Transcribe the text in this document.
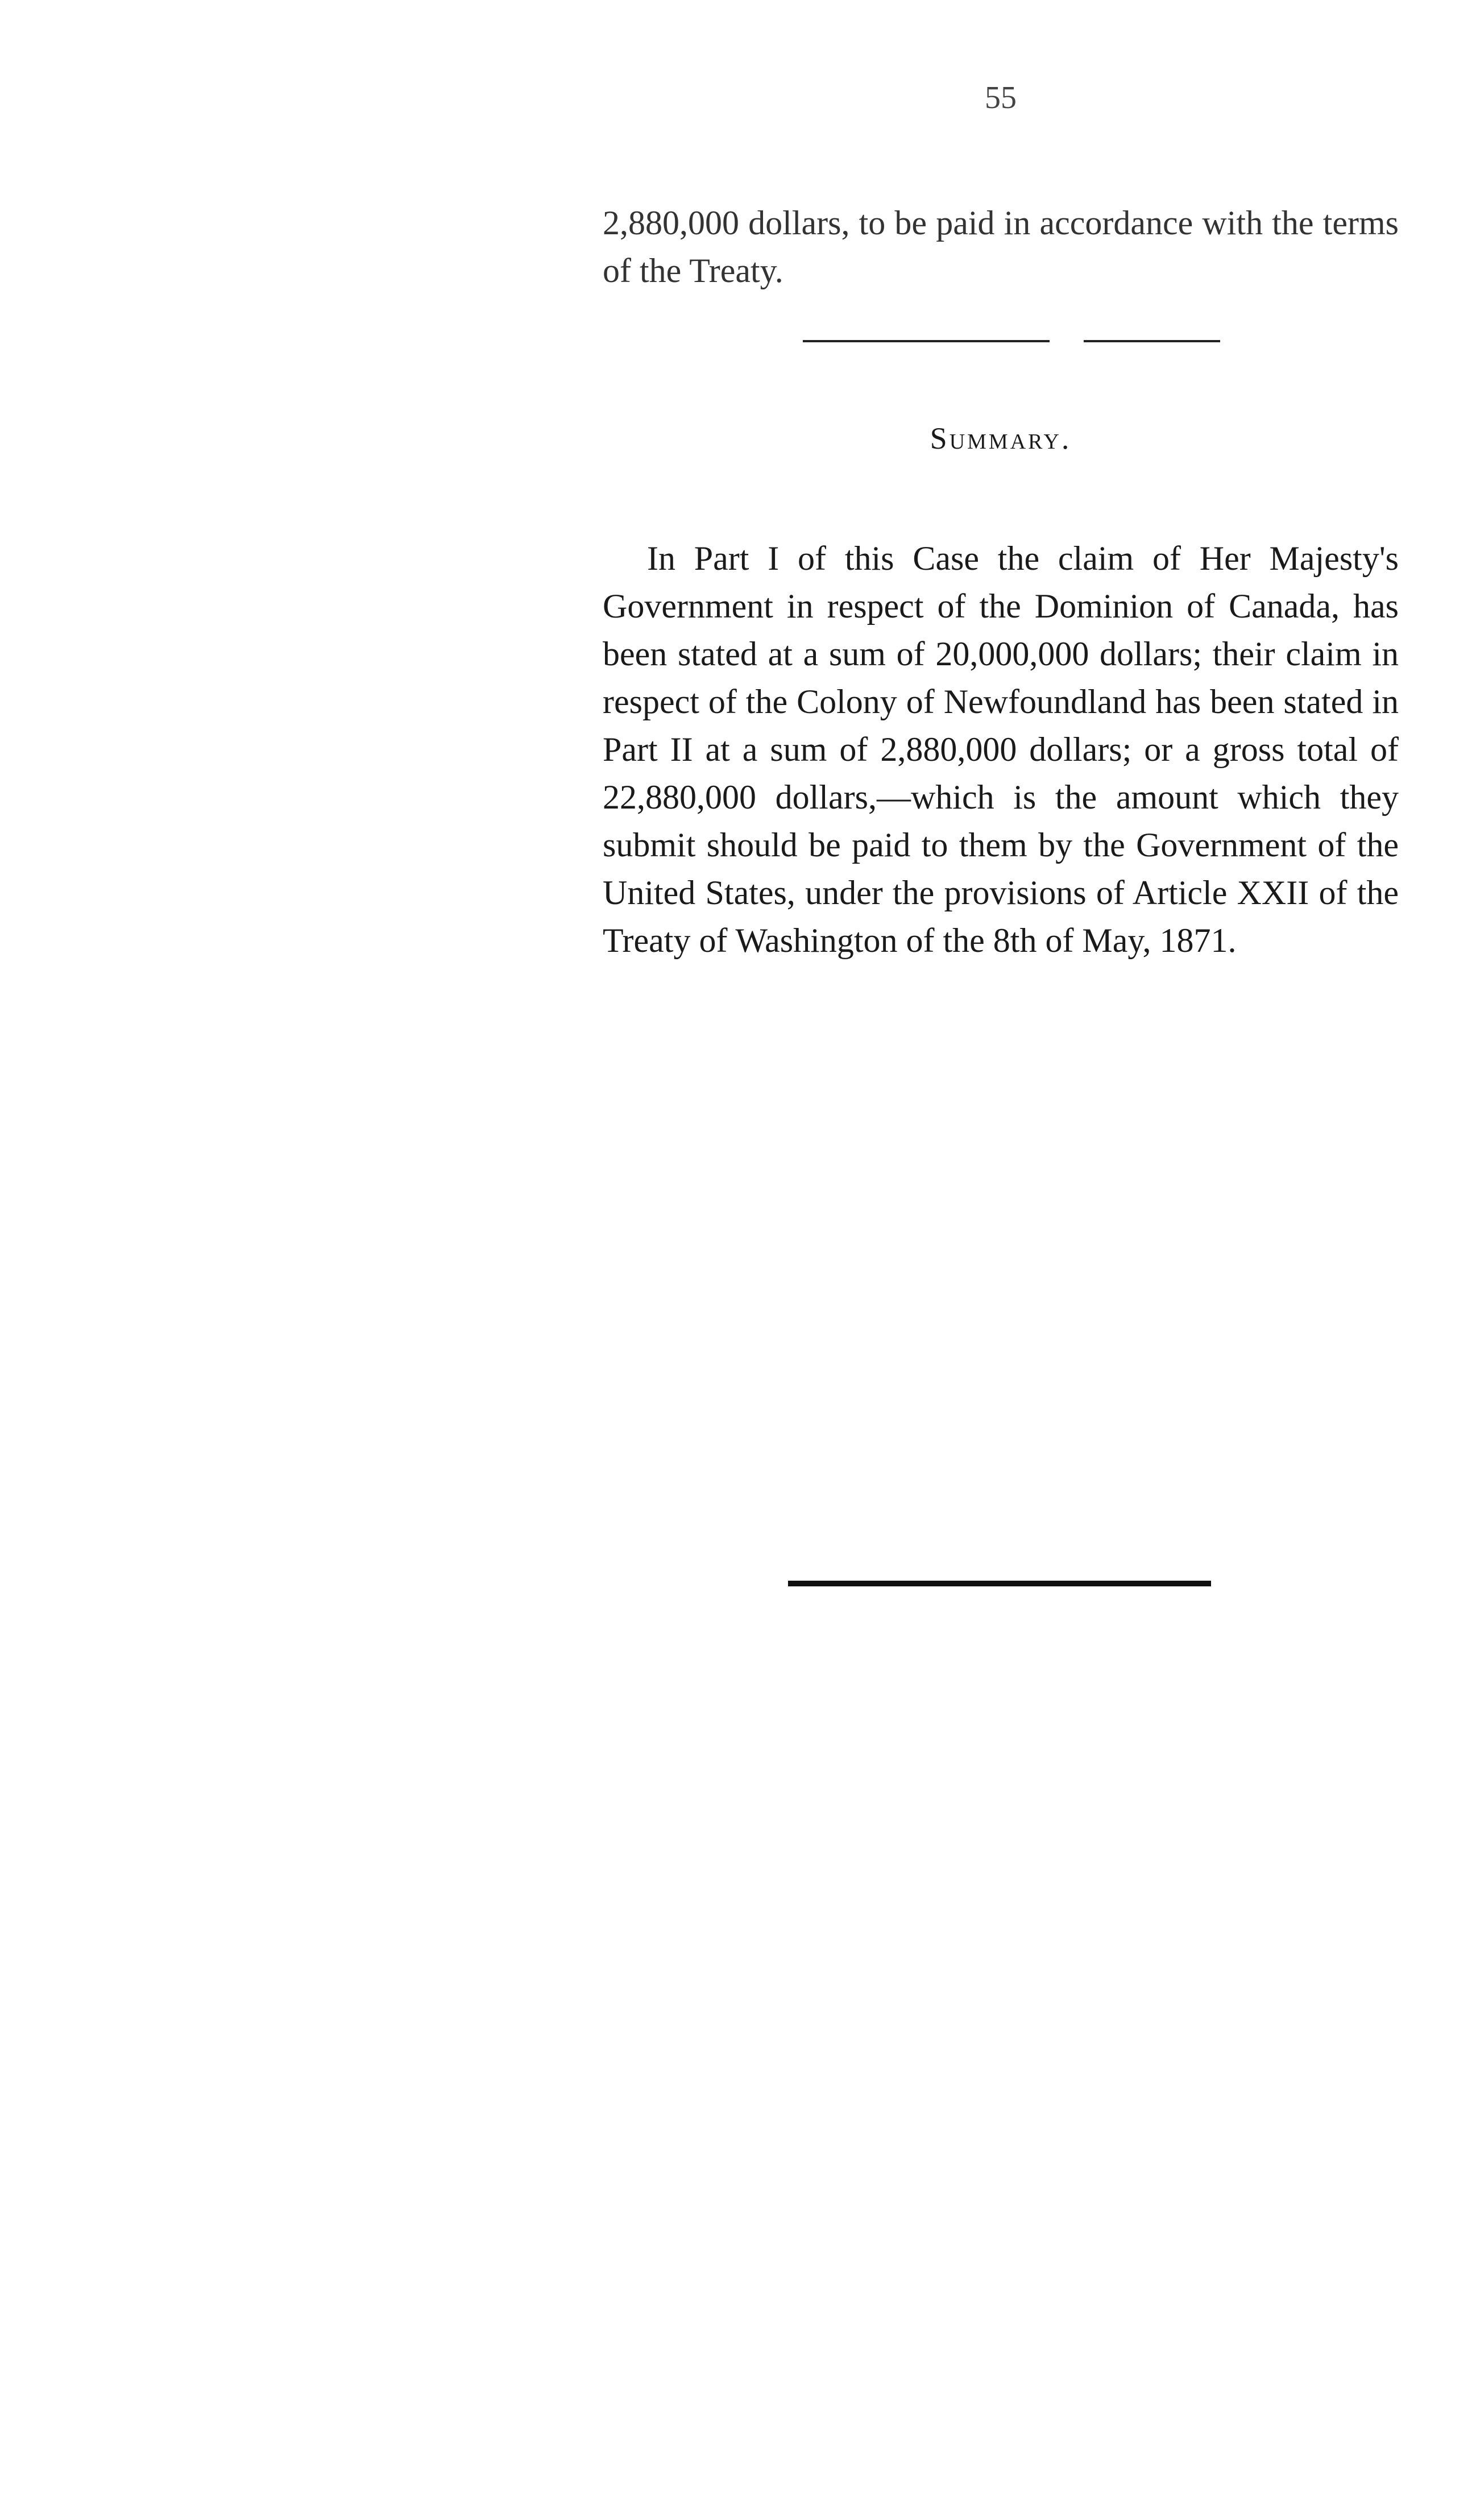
55

2,880,000 dollars, to be paid in accordance with the terms of the Treaty.

Summary.

In Part I of this Case the claim of Her Majesty's Government in respect of the Dominion of Canada, has been stated at a sum of 20,000,000 dollars; their claim in respect of the Colony of Newfoundland has been stated in Part II at a sum of 2,880,000 dollars; or a gross total of 22,880,000 dollars,—which is the amount which they submit should be paid to them by the Government of the United States, under the provisions of Article XXII of the Treaty of Washington of the 8th of May, 1871.
